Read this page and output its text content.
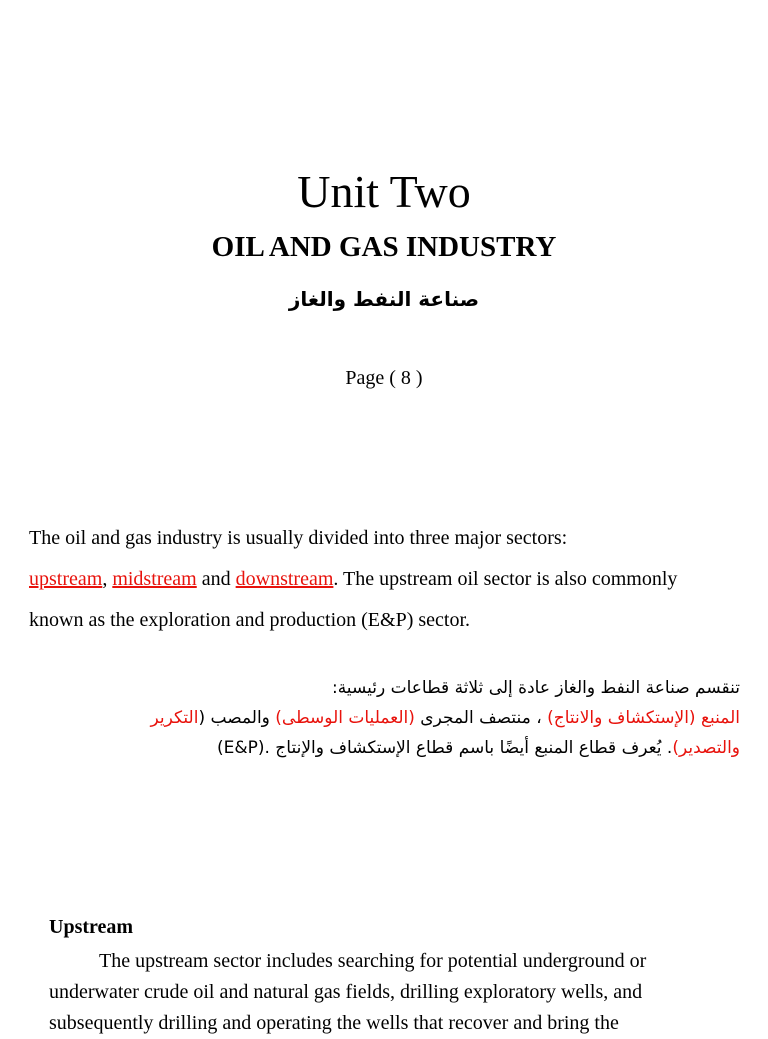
Unit Two
OIL AND GAS INDUSTRY
صناعة النفط والغاز
Page ( 8 )
The oil and gas industry is usually divided into three major sectors:
upstream, midstream and downstream. The upstream oil sector is also commonly
known as the exploration and production (E&P) sector.
تنقسم صناعة النفط والغاز عادة إلى ثلاثة قطاعات رئيسية:
المنبع (الإستكشاف والانتاج) ، منتصف المجرى (العمليات الوسطى) والمصب (التكرير
والتصدير). يُعرف قطاع المنبع أيضًا باسم قطاع الإستكشاف والإنتاج .(E&P)
Upstream
The upstream sector includes searching for potential underground or
underwater crude oil and natural gas fields, drilling exploratory wells, and
subsequently drilling and operating the wells that recover and bring the
